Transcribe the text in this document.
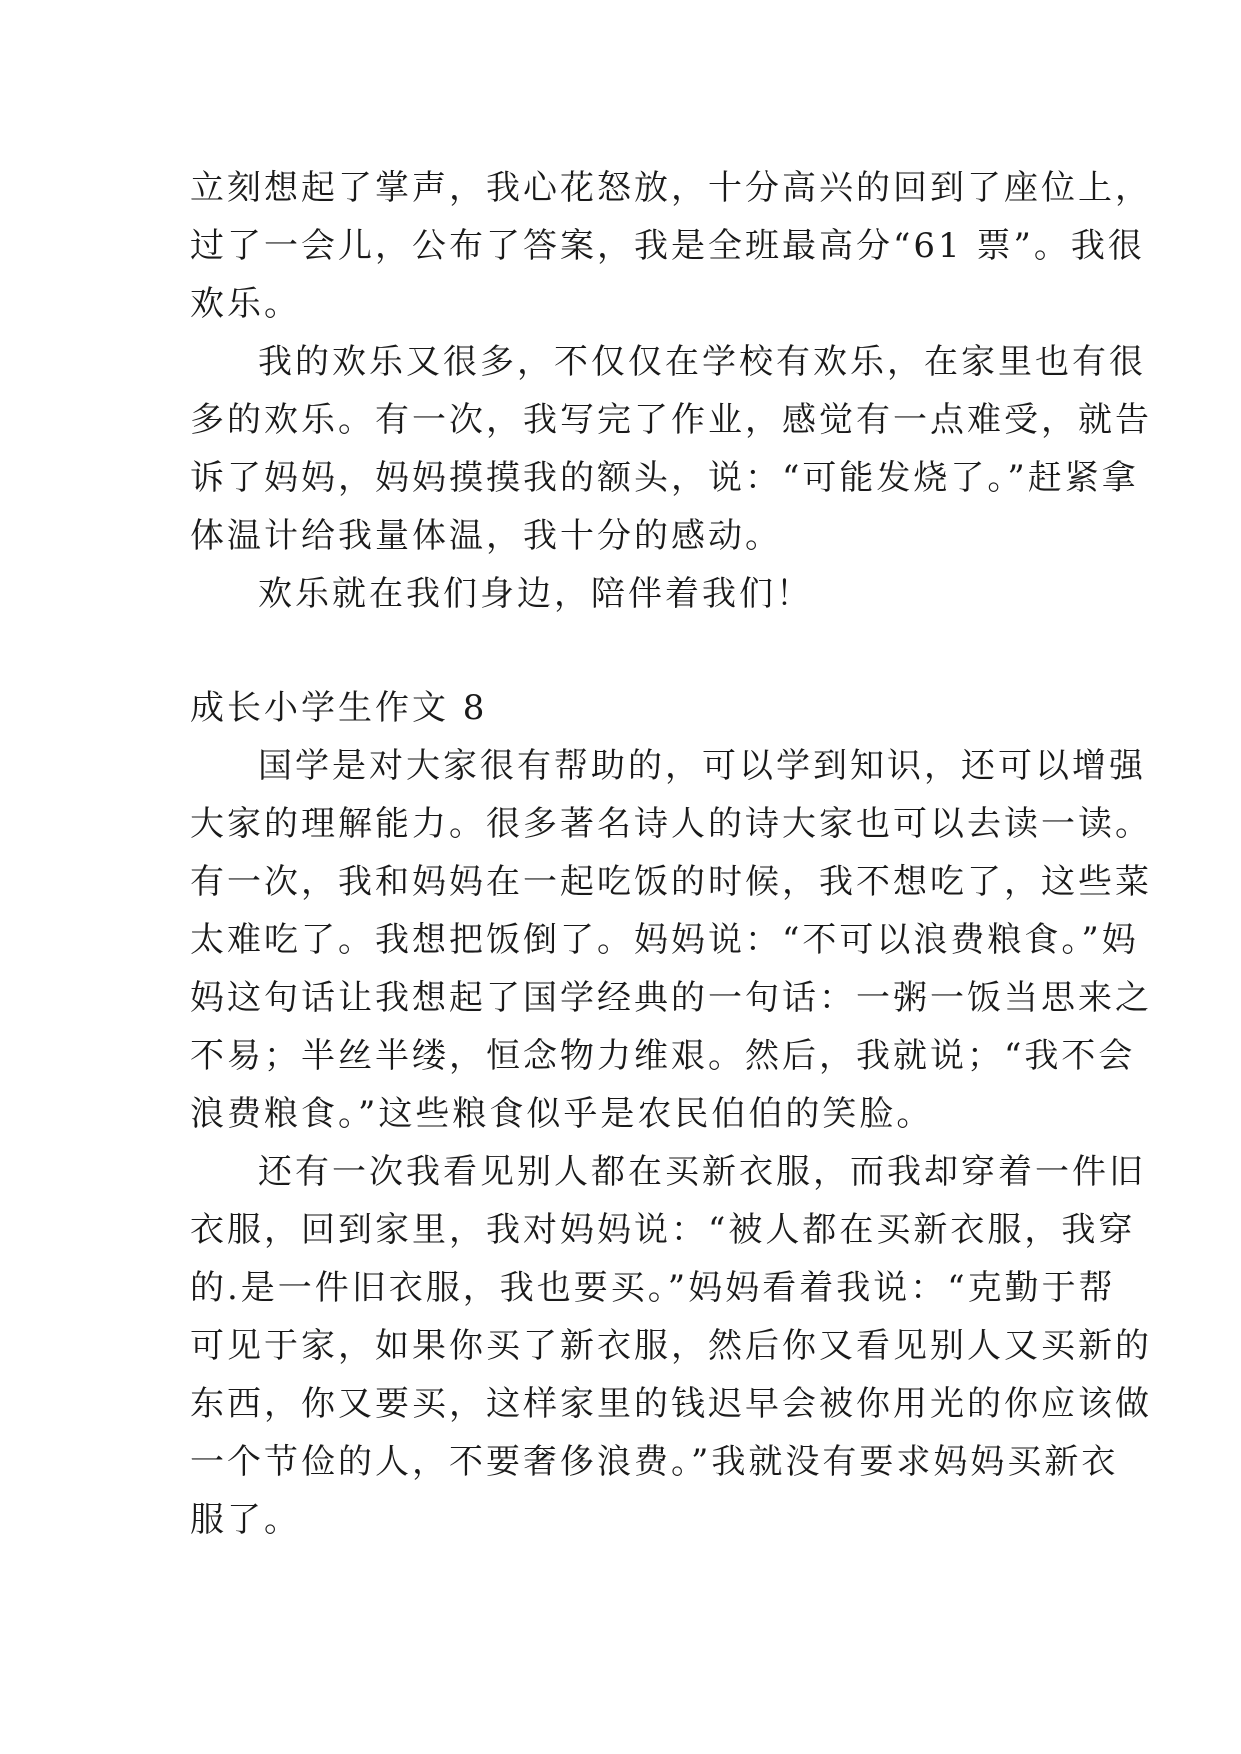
立刻想起了掌声，我心花怒放，十分高兴的回到了座位上，
过了一会儿，公布了答案，我是全班最高分“61 票”。我很
欢乐。
我的欢乐又很多，不仅仅在学校有欢乐，在家里也有很
多的欢乐。有一次，我写完了作业，感觉有一点难受，就告
诉了妈妈，妈妈摸摸我的额头，说：“可能发烧了。”赶紧拿
体温计给我量体温，我十分的感动。
欢乐就在我们身边，陪伴着我们！
成长小学生作文 8
国学是对大家很有帮助的，可以学到知识，还可以增强
大家的理解能力。很多著名诗人的诗大家也可以去读一读。
有一次，我和妈妈在一起吃饭的时候，我不想吃了，这些菜
太难吃了。我想把饭倒了。妈妈说：“不可以浪费粮食。”妈
妈这句话让我想起了国学经典的一句话：一粥一饭当思来之
不易；半丝半缕，恒念物力维艰。然后，我就说；“我不会
浪费粮食。”这些粮食似乎是农民伯伯的笑脸。
还有一次我看见别人都在买新衣服，而我却穿着一件旧
衣服，回到家里，我对妈妈说：“被人都在买新衣服，我穿
的.是一件旧衣服，我也要买。”妈妈看着我说：“克勤于帮
可见于家，如果你买了新衣服，然后你又看见别人又买新的
东西，你又要买，这样家里的钱迟早会被你用光的你应该做
一个节俭的人，不要奢侈浪费。”我就没有要求妈妈买新衣
服了。
